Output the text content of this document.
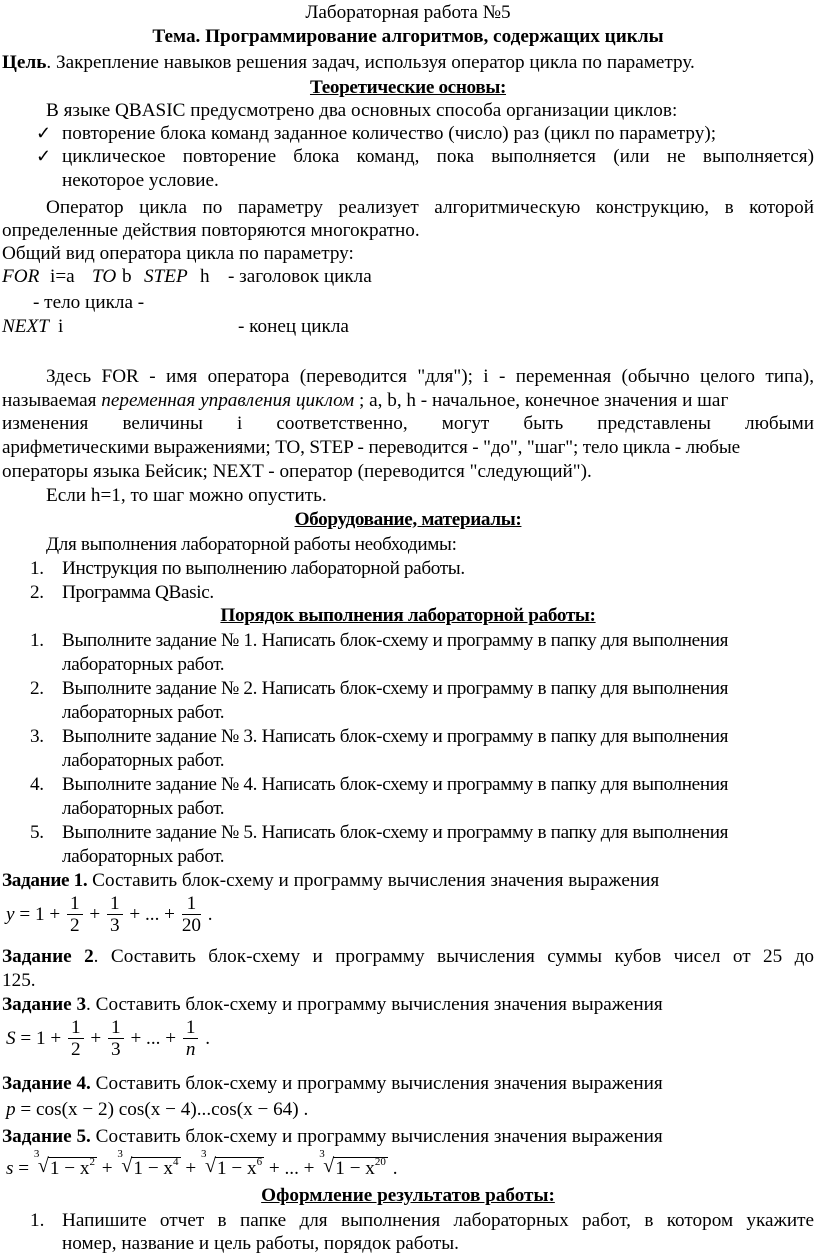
Лабораторная работа №5
Тема. Программирование алгоритмов, содержащих циклы
Цель. Закрепление навыков решения задач, используя оператор цикла по параметру.
Теоретические основы:
В языке QBASIC предусмотрено два основных способа организации циклов:
✓ повторение блока команд заданное количество (число) раз (цикл по параметру);
✓ циклическое повторение блока команд, пока выполняется (или не выполняется)
некоторое условие.
Оператор цикла по параметру реализует алгоритмическую конструкцию, в которой
определенные действия повторяются многократно.
Общий вид оператора цикла по параметру:
FOR i=a TO b STEP h - заголовок цикла
- тело цикла -
NEXT i	- конец цикла
Здесь FOR - имя оператора (переводится "для"); i - переменная (обычно целого типа),
называемая переменная управления циклом ; a, b, h - начальное, конечное значения и шаг
изменения величины i соответственно, могут быть представлены любыми
арифметическими выражениями; TO, STEP - переводится - "до", "шаг"; тело цикла - любые
операторы языка Бейсик; NEXT - оператор (переводится "следующий").
Если h=1, то шаг можно опустить.
Оборудование, материалы:
Для выполнения лабораторной работы необходимы:
1. Инструкция по выполнению лабораторной работы.
2. Программа QBasic.
Порядок выполнения лабораторной работы:
1. Выполните задание № 1. Написать блок-схему и программу в папку для выполнения
лабораторных работ.
2. Выполните задание № 2. Написать блок-схему и программу в папку для выполнения
лабораторных работ.
3. Выполните задание № 3. Написать блок-схему и программу в папку для выполнения
лабораторных работ.
4. Выполните задание № 4. Написать блок-схему и программу в папку для выполнения
лабораторных работ.
5. Выполните задание № 5. Написать блок-схему и программу в папку для выполнения
лабораторных работ.
Задание 1. Составить блок-схему и программу вычисления значения выражения
$y = 1 + \frac{1}{2} + \frac{1}{3}$ + ... + $\frac{1}{20}$ .
Задание 2. Составить блок-схему и программу вычисления суммы кубов чисел от 25 до
125.
Задание 3. Составить блок-схему и программу вычисления значения выражения
$S = 1 + \frac{1}{2} + \frac{1}{3}$ + ... + $\frac{1}{n}$ .
Задание 4. Составить блок-схему и программу вычисления значения выражения
p = cos(x − 2) cos(x − 4)...cos(x − 64) .
Задание 5. Составить блок-схему и программу вычисления значения выражения
s =
3
√ $1 - x^2$ +
3
√ $1 - x^4$ +
3
√ $1 - x^6$ + ... +
3
√ $1 - x^{20}$ .
Оформление результатов работы:
1. Напишите отчет в папке для выполнения лабораторных работ, в котором укажите
номер, название и цель работы, порядок работы.
